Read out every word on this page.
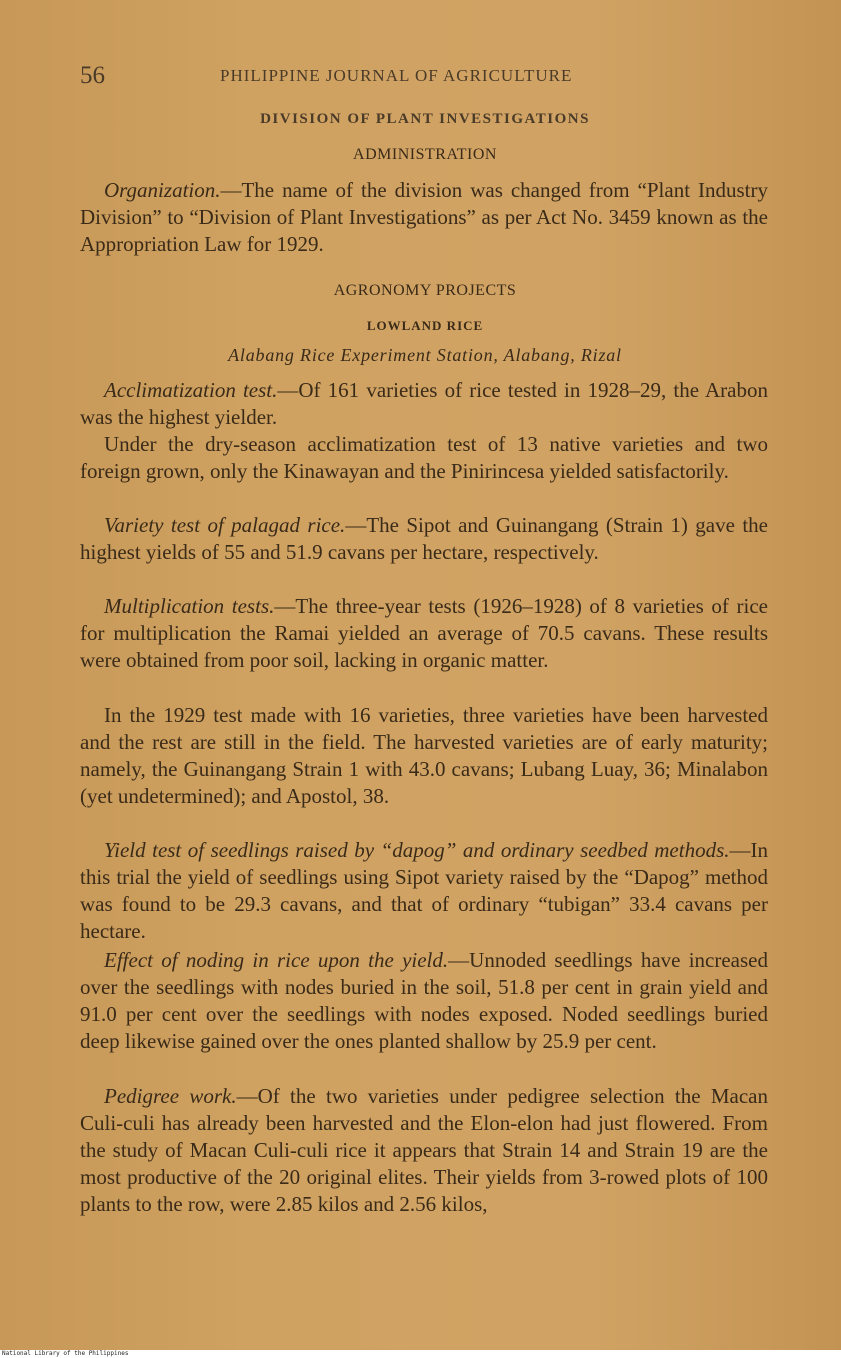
56	PHILIPPINE JOURNAL OF AGRICULTURE
DIVISION OF PLANT INVESTIGATIONS
ADMINISTRATION

Organization.—The name of the division was changed from “Plant Industry Division” to “Division of Plant Investigations” as per Act No. 3459 known as the Appropriation Law for 1929.

AGRONOMY PROJECTS
LOWLAND RICE
Alabang Rice Experiment Station, Alabang, Rizal

Acclimatization test.—Of 161 varieties of rice tested in 1928–29, the Arabon was the highest yielder.

Under the dry-season acclimatization test of 13 native varieties and two foreign grown, only the Kinawayan and the Pinirincesa yielded satisfactorily.

Variety test of palagad rice.—The Sipot and Guinangang (Strain 1) gave the highest yields of 55 and 51.9 cavans per hectare, respectively.

Multiplication tests.—The three-year tests (1926–1928) of 8 varieties of rice for multiplication the Ramai yielded an average of 70.5 cavans. These results were obtained from poor soil, lacking in organic matter.

In the 1929 test made with 16 varieties, three varieties have been harvested and the rest are still in the field. The harvested varieties are of early maturity; namely, the Guinangang Strain 1 with 43.0 cavans; Lubang Luay, 36; Minalabon (yet undetermined); and Apostol, 38.

Yield test of seedlings raised by “dapog” and ordinary seedbed methods.—In this trial the yield of seedlings using Sipot variety raised by the “Dapog” method was found to be 29.3 cavans, and that of ordinary “tubigan” 33.4 cavans per hectare.

Effect of noding in rice upon the yield.—Unnoded seedlings have increased over the seedlings with nodes buried in the soil, 51.8 per cent in grain yield and 91.0 per cent over the seedlings with nodes exposed. Noded seedlings buried deep likewise gained over the ones planted shallow by 25.9 per cent.

Pedigree work.—Of the two varieties under pedigree selection the Macan Culi-culi has already been harvested and the Elon-elon had just flowered. From the study of Macan Culi-culi rice it appears that Strain 14 and Strain 19 are the most productive of the 20 original elites. Their yields from 3-rowed plots of 100 plants to the row, were 2.85 kilos and 2.56 kilos,

National Library of the Philippines
